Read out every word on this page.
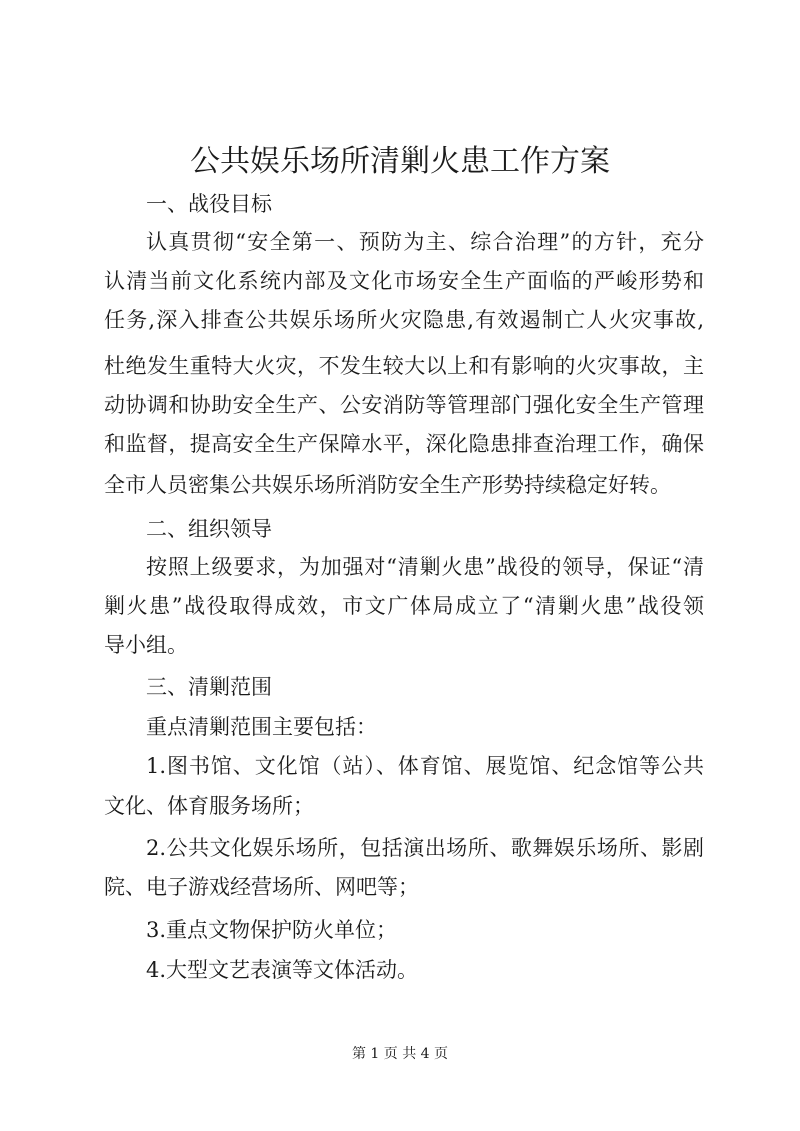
公共娱乐场所清剿火患工作方案
一、战役目标
认真贯彻“安全第一、预防为主、综合治理”的方针，充分
认清当前文化系统内部及文化市场安全生产面临的严峻形势和
任务,深入排查公共娱乐场所火灾隐患,有效遏制亡人火灾事故,
杜绝发生重特大火灾，不发生较大以上和有影响的火灾事故，主
动协调和协助安全生产、公安消防等管理部门强化安全生产管理
和监督，提高安全生产保障水平，深化隐患排查治理工作，确保
全市人员密集公共娱乐场所消防安全生产形势持续稳定好转。
二、组织领导
按照上级要求，为加强对“清剿火患”战役的领导，保证“清
剿火患”战役取得成效，市文广体局成立了“清剿火患”战役领
导小组。
三、清剿范围
重点清剿范围主要包括：
1.图书馆、文化馆（站）、体育馆、展览馆、纪念馆等公共
文化、体育服务场所；
2.公共文化娱乐场所，包括演出场所、歌舞娱乐场所、影剧
院、电子游戏经营场所、网吧等；
3.重点文物保护防火单位；
4.大型文艺表演等文体活动。
第 1 页 共 4 页
